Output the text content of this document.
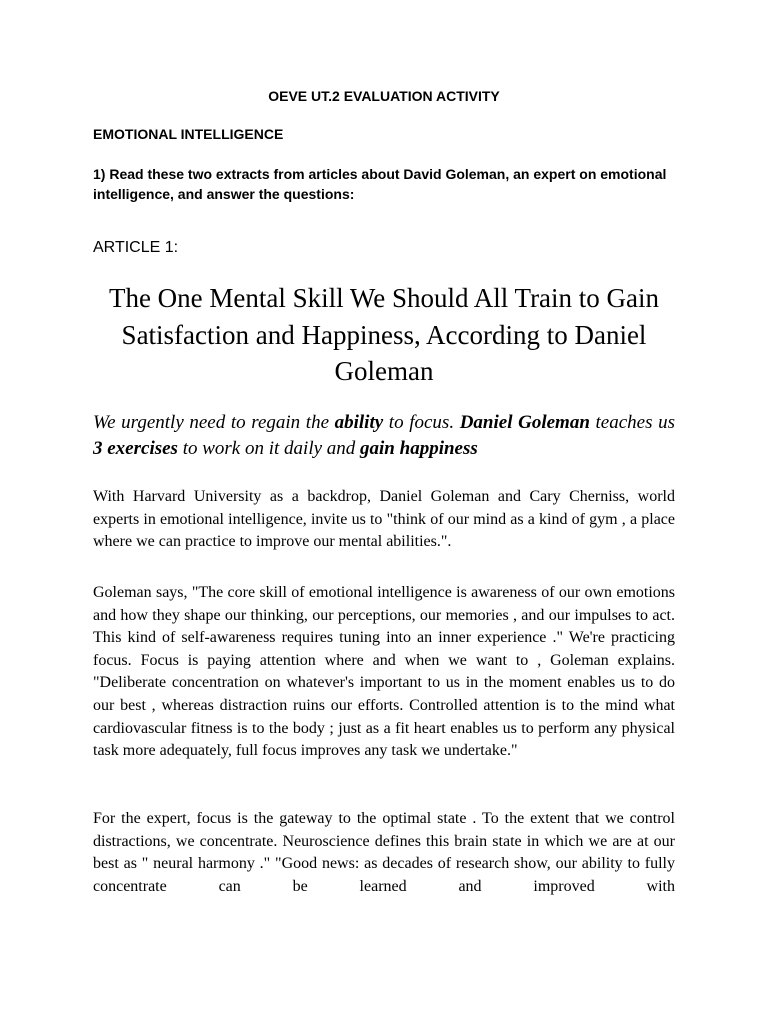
OEVE UT.2 EVALUATION ACTIVITY
EMOTIONAL INTELLIGENCE

1) Read these two extracts from articles about David Goleman, an expert on emotional intelligence, and answer the questions:

ARTICLE 1:

The One Mental Skill We Should All Train to Gain Satisfaction and Happiness, According to Daniel Goleman

We urgently need to regain the ability to focus. Daniel Goleman teaches us 3 exercises to work on it daily and gain happiness

With Harvard University as a backdrop, Daniel Goleman and Cary Cherniss, world experts in emotional intelligence, invite us to "think of our mind as a kind of gym , a place where we can practice to improve our mental abilities.".

Goleman says, "The core skill of emotional intelligence is awareness of our own emotions and how they shape our thinking, our perceptions, our memories , and our impulses to act. This kind of self-awareness requires tuning into an inner experience ." We're practicing focus. Focus is paying attention where and when we want to , Goleman explains. "Deliberate concentration on whatever's important to us in the moment enables us to do our best , whereas distraction ruins our efforts. Controlled attention is to the mind what cardiovascular fitness is to the body ; just as a fit heart enables us to perform any physical task more adequately, full focus improves any task we undertake."

For the expert, focus is the gateway to the optimal state . To the extent that we control distractions, we concentrate. Neuroscience defines this brain state in which we are at our best as " neural harmony ." "Good news: as decades of research show, our ability to fully concentrate can be learned and improved with
